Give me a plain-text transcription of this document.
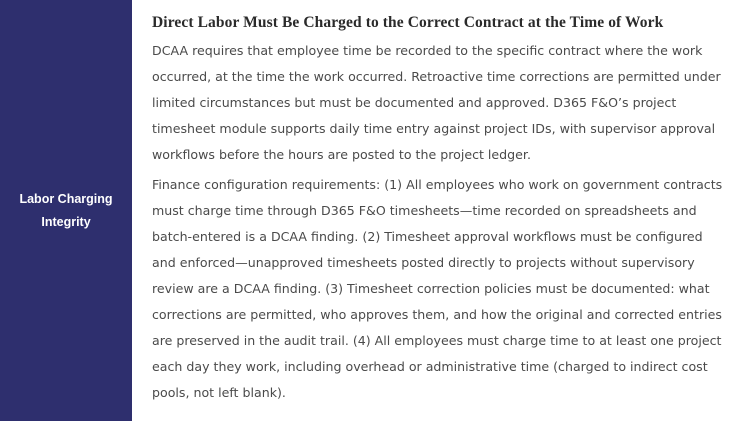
Labor Charging
Integrity
Direct Labor Must Be Charged to the Correct Contract at the Time of Work

DCAA requires that employee time be recorded to the specific contract where the work occurred, at the time the work occurred. Retroactive time corrections are permitted under limited circumstances but must be documented and approved. D365 F&O’s project timesheet module supports daily time entry against project IDs, with supervisor approval workflows before the hours are posted to the project ledger.

Finance configuration requirements: (1) All employees who work on government contracts must charge time through D365 F&O timesheets—time recorded on spreadsheets and batch-entered is a DCAA finding. (2) Timesheet approval workflows must be configured and enforced—unapproved timesheets posted directly to projects without supervisory review are a DCAA finding. (3) Timesheet correction policies must be documented: what corrections are permitted, who approves them, and how the original and corrected entries are preserved in the audit trail. (4) All employees must charge time to at least one project each day they work, including overhead or administrative time (charged to indirect cost pools, not left blank).
